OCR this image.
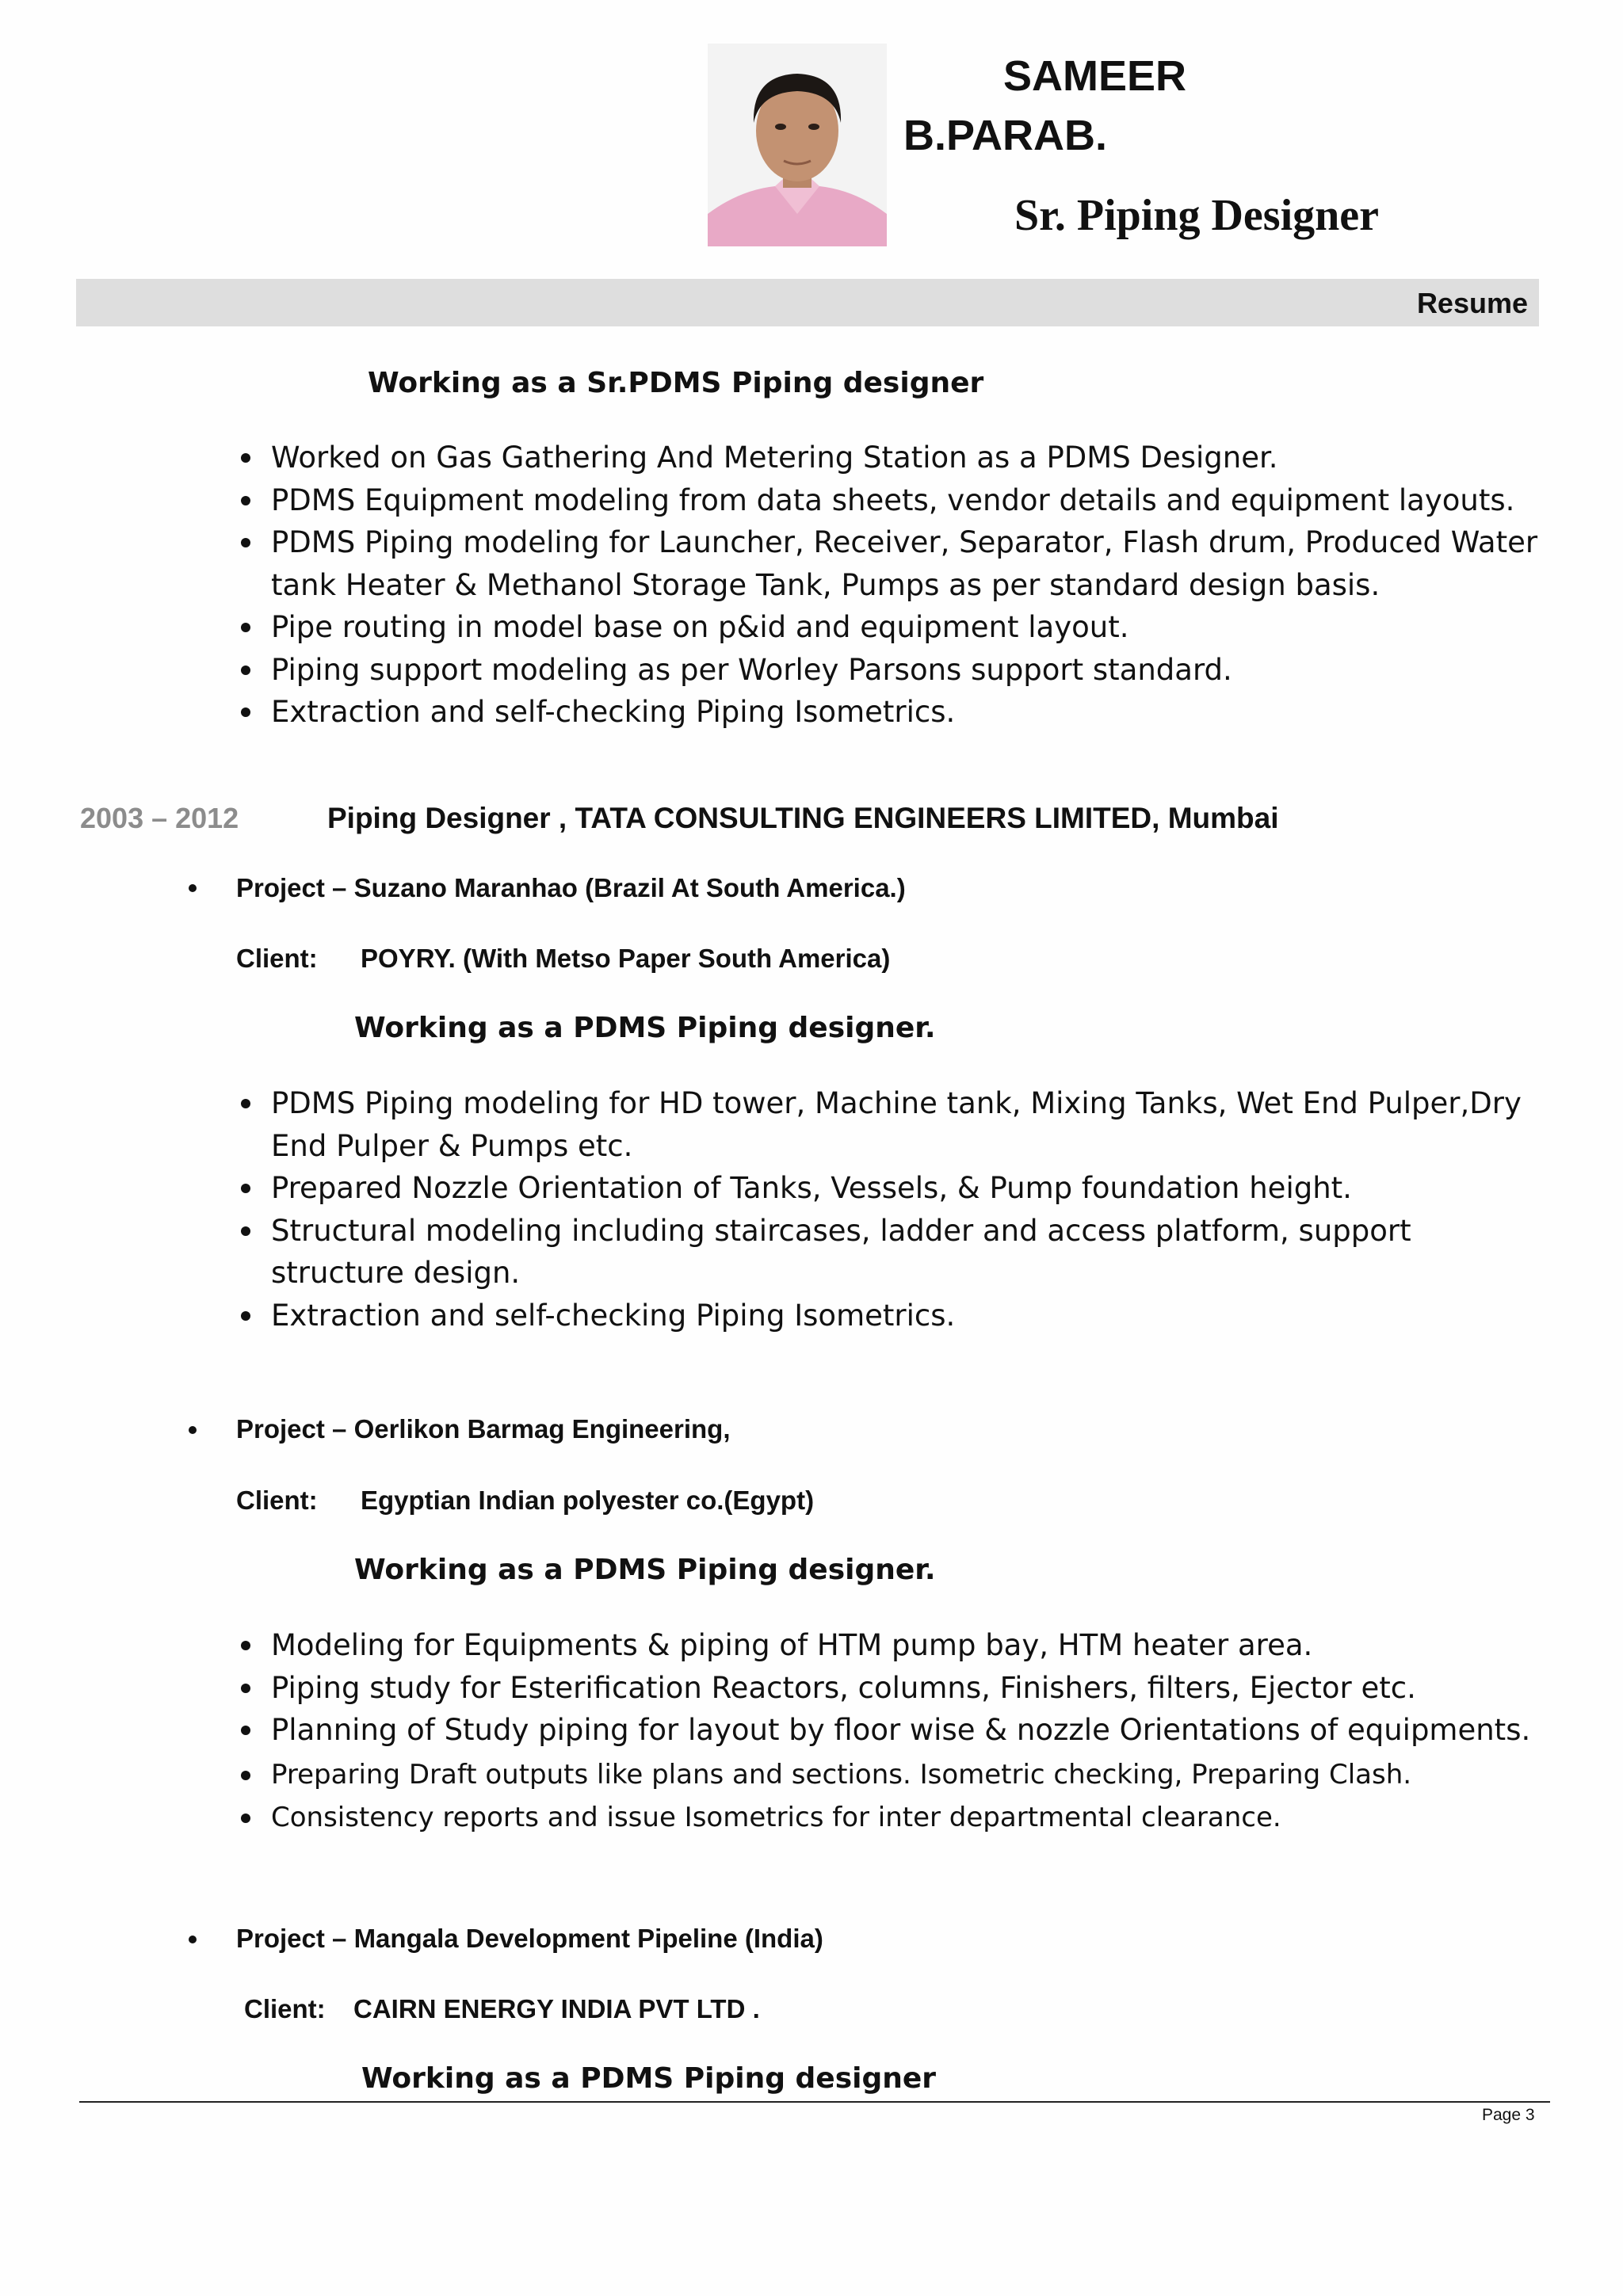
SAMEER
B.PARAB.
Sr. Piping Designer
Resume
Working as a Sr.PDMS Piping designer
Worked on Gas Gathering And Metering Station as a PDMS Designer.
PDMS Equipment modeling from data sheets, vendor details and equipment layouts.
PDMS Piping modeling for Launcher, Receiver, Separator, Flash drum, Produced Water tank Heater & Methanol Storage Tank, Pumps as per standard design basis.
Pipe routing in model base on p&id and equipment layout.
Piping support modeling as per Worley Parsons support standard.
Extraction and self-checking Piping Isometrics.
2003 – 2012	Piping Designer , TATA CONSULTING ENGINEERS LIMITED, Mumbai
Project – Suzano Maranhao (Brazil At South America.)
Client: POYRY. (With Metso Paper South America)
Working as a PDMS Piping designer.
PDMS Piping modeling for HD tower, Machine tank, Mixing Tanks, Wet End Pulper,Dry End Pulper & Pumps etc.
Prepared Nozzle Orientation of Tanks, Vessels, & Pump foundation height.
Structural modeling including staircases, ladder and access platform, support structure design.
Extraction and self-checking Piping Isometrics.
Project – Oerlikon Barmag Engineering,
Client: Egyptian Indian polyester co.(Egypt)
Working as a PDMS Piping designer.
Modeling for Equipments & piping of HTM pump bay, HTM heater area.
Piping study for Esterification Reactors, columns, Finishers, filters, Ejector etc.
Planning of Study piping for layout by floor wise & nozzle Orientations of equipments.
Preparing Draft outputs like plans and sections. Isometric checking, Preparing Clash.
Consistency reports and issue Isometrics for inter departmental clearance.
Project – Mangala Development Pipeline (India)
Client: CAIRN ENERGY INDIA PVT LTD .
Working as a PDMS Piping designer
Page 3
